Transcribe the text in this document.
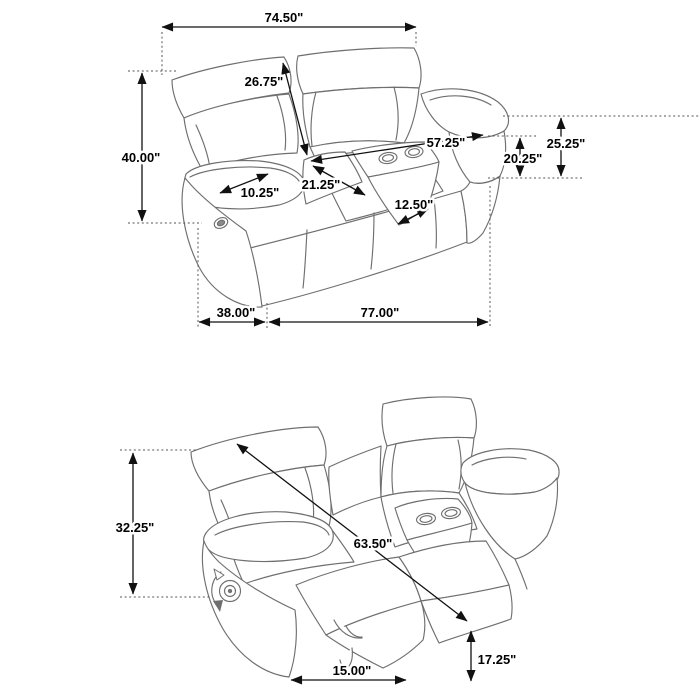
74.50"
40.00"
26.75"
10.25"
21.25"
57.25"
12.50"
20.25"
25.25"
38.00"	77.00"
32.25"
63.50"
17.25"
15.00"
